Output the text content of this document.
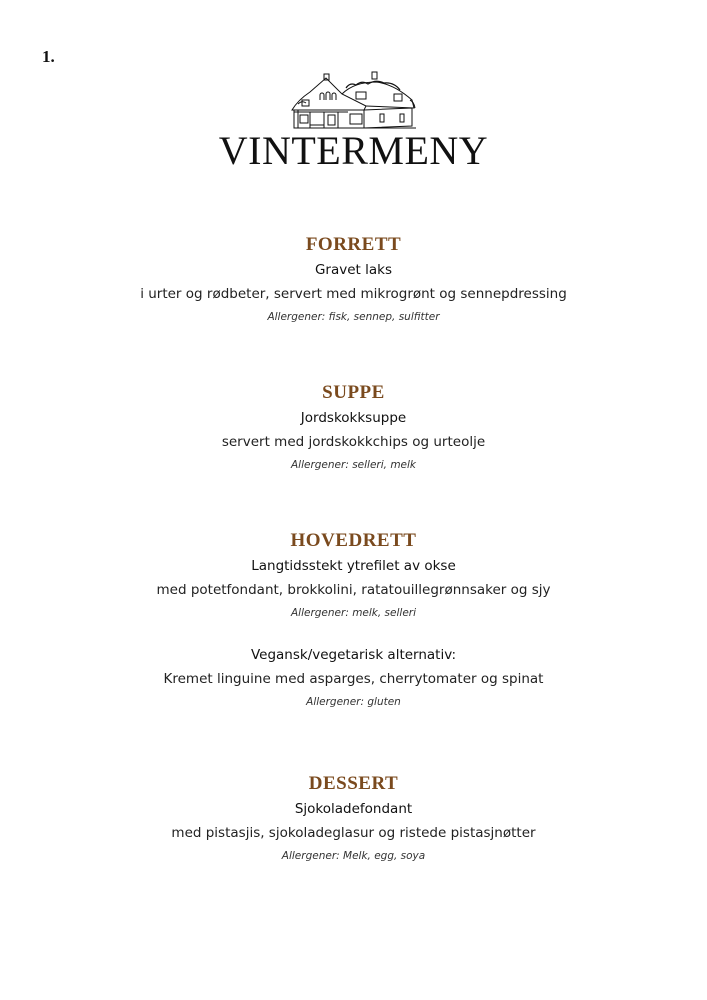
1.
VINTERMENY
FORRETT
Gravet laks
i urter og rødbeter, servert med mikrogrønt og sennepdressing
Allergener: fisk, sennep, sulfitter
SUPPE
Jordskokksuppe
servert med jordskokkchips og urteolje
Allergener: selleri, melk
HOVEDRETT
Langtidsstekt ytrefilet av okse
med potetfondant, brokkolini, ratatouillegrønnsaker og sjy
Allergener: melk, selleri
Vegansk/vegetarisk alternativ:
Kremet linguine med asparges, cherrytomater og spinat
Allergener: gluten
DESSERT
Sjokoladefondant
med pistasjis, sjokoladeglasur og ristede pistasjnøtter
Allergener: Melk, egg, soya
